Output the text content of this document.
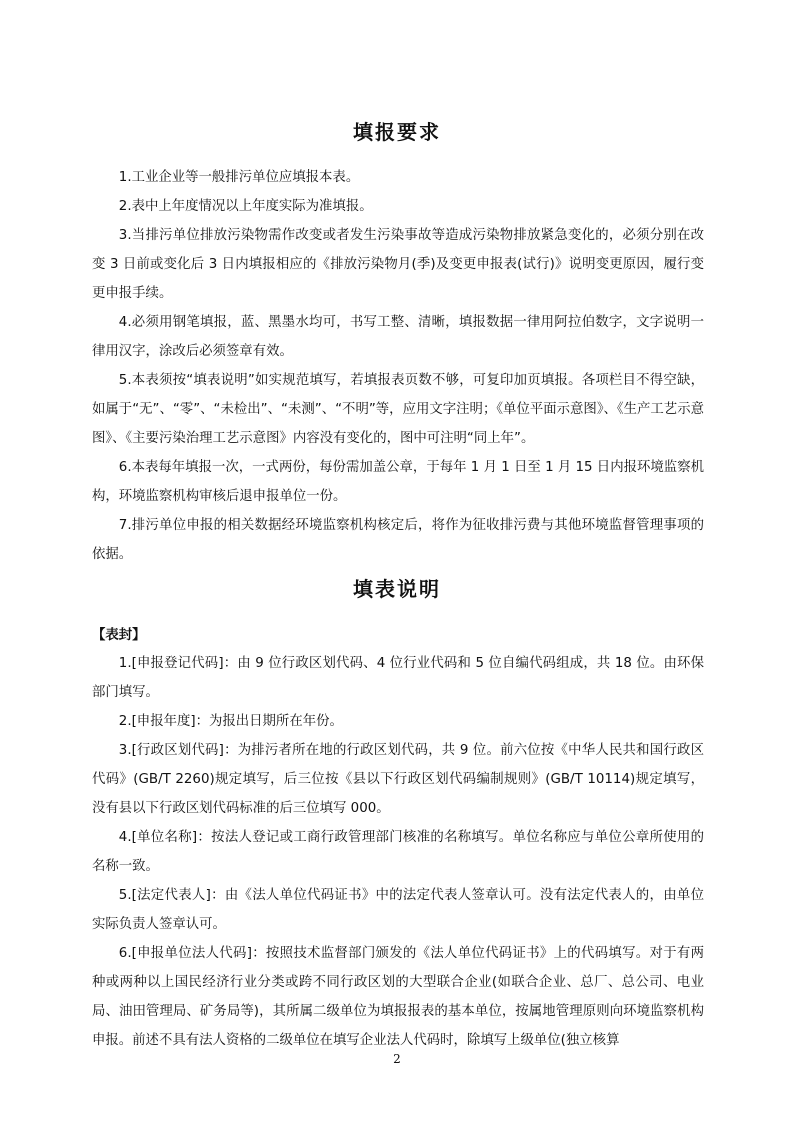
填报要求

1.工业企业等一般排污单位应填报本表。

2.表中上年度情况以上年度实际为准填报。

3.当排污单位排放污染物需作改变或者发生污染事故等造成污染物排放紧急变化的，必须分别在改变 3 日前或变化后 3 日内填报相应的《排放污染物月(季)及变更申报表(试行)》说明变更原因，履行变更申报手续。

4.必须用钢笔填报，蓝、黑墨水均可，书写工整、清晰，填报数据一律用阿拉伯数字，文字说明一律用汉字，涂改后必须签章有效。

5.本表须按“填表说明”如实规范填写，若填报表页数不够，可复印加页填报。各项栏目不得空缺，如属于“无”、“零”、“未检出”、“未测”、“不明”等，应用文字注明；《单位平面示意图》、《生产工艺示意图》、《主要污染治理工艺示意图》内容没有变化的，图中可注明“同上年”。

6.本表每年填报一次，一式两份，每份需加盖公章，于每年 1 月 1 日至 1 月 15 日内报环境监察机构，环境监察机构审核后退申报单位一份。

7.排污单位申报的相关数据经环境监察机构核定后，将作为征收排污费与其他环境监督管理事项的依据。

填表说明
【表封】

1.[申报登记代码]：由 9 位行政区划代码、4 位行业代码和 5 位自编代码组成，共 18 位。由环保部门填写。

2.[申报年度]：为报出日期所在年份。

3.[行政区划代码]：为排污者所在地的行政区划代码，共 9 位。前六位按《中华人民共和国行政区代码》(GB/T 2260)规定填写，后三位按《县以下行政区划代码编制规则》(GB/T 10114)规定填写，没有县以下行政区划代码标准的后三位填写 000。

4.[单位名称]：按法人登记或工商行政管理部门核准的名称填写。单位名称应与单位公章所使用的名称一致。

5.[法定代表人]：由《法人单位代码证书》中的法定代表人签章认可。没有法定代表人的，由单位实际负责人签章认可。

6.[申报单位法人代码]：按照技术监督部门颁发的《法人单位代码证书》上的代码填写。对于有两种或两种以上国民经济行业分类或跨不同行政区划的大型联合企业(如联合企业、总厂、总公司、电业局、油田管理局、矿务局等)，其所属二级单位为填报报表的基本单位，按属地管理原则向环境监察机构申报。前述不具有法人资格的二级单位在填写企业法人代码时，除填写上级单位(独立核算

2
